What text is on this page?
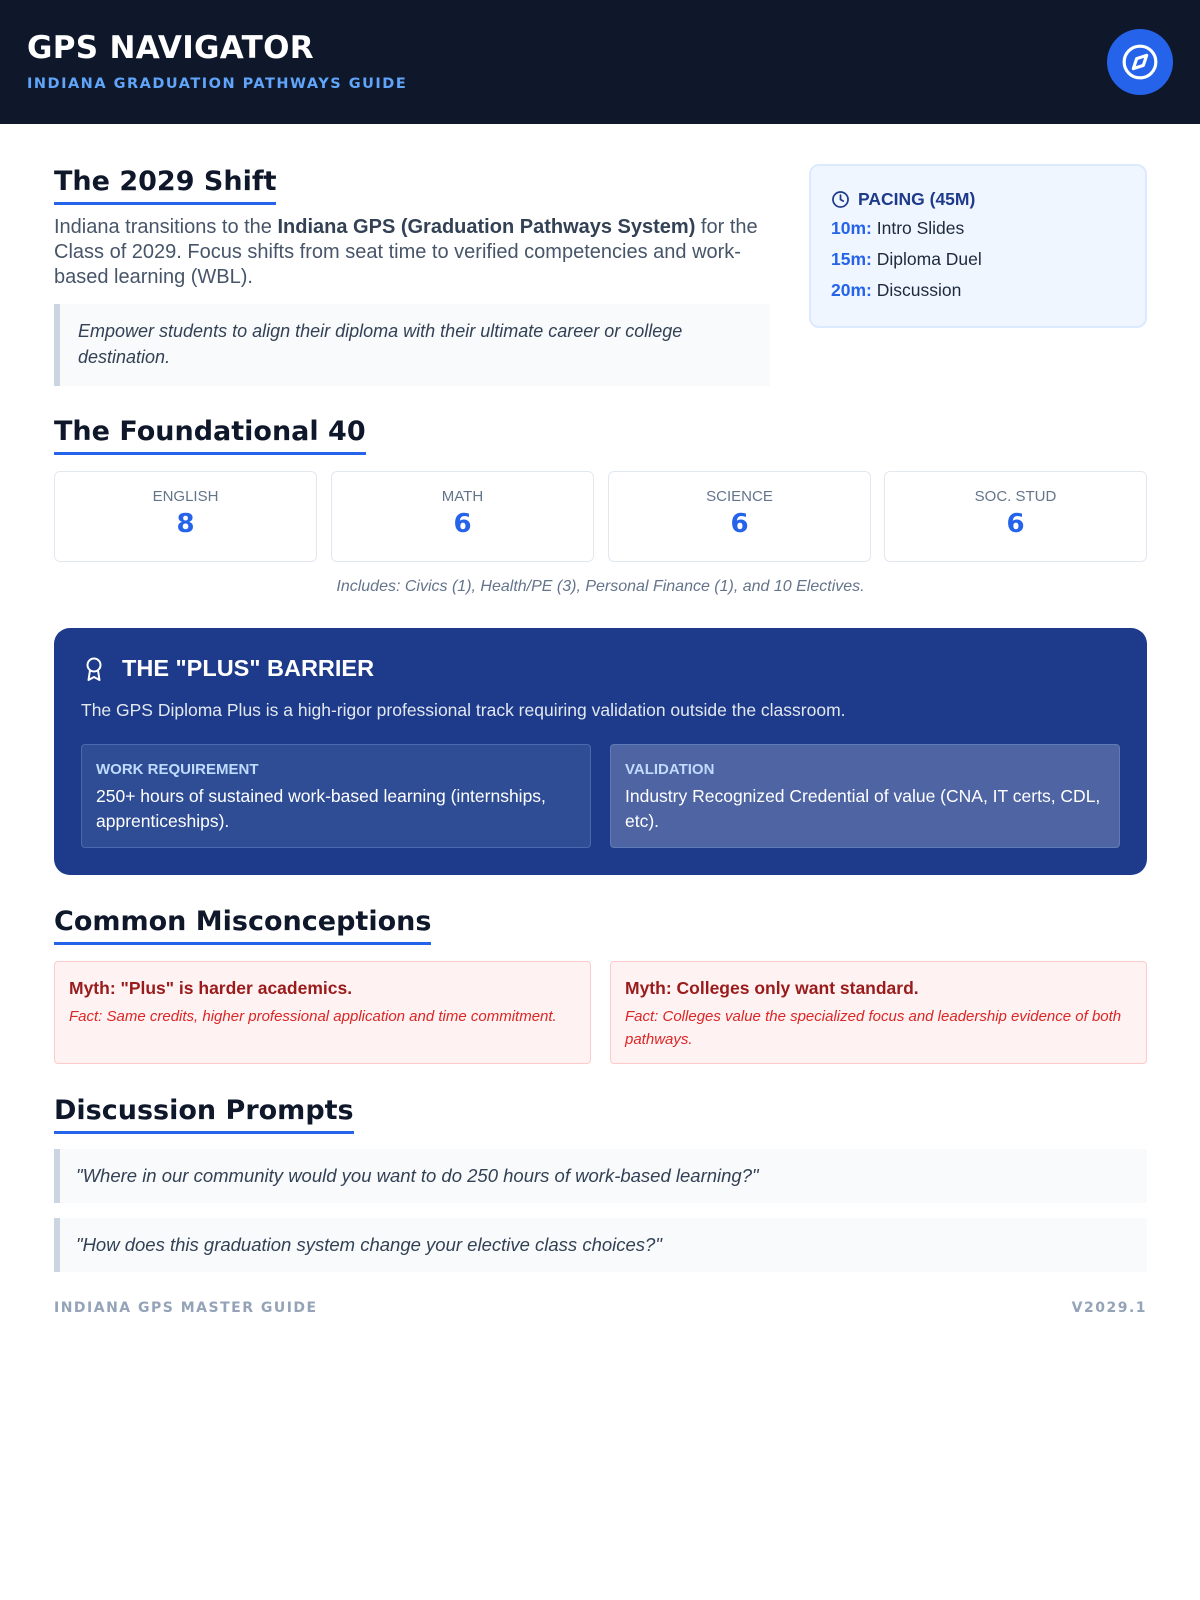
GPS NAVIGATOR
INDIANA GRADUATION PATHWAYS GUIDE
The 2029 Shift
Indiana transitions to the Indiana GPS (Graduation Pathways System) for the Class of 2029. Focus shifts from seat time to verified competencies and work-based learning (WBL).
Empower students to align their diploma with their ultimate career or college destination.
PACING (45M)
10m: Intro Slides
15m: Diploma Duel
20m: Discussion
The Foundational 40
ENGLISH
8
MATH
6
SCIENCE
6
SOC. STUD
6
Includes: Civics (1), Health/PE (3), Personal Finance (1), and 10 Electives.
THE "PLUS" BARRIER
The GPS Diploma Plus is a high-rigor professional track requiring validation outside the classroom.
WORK REQUIREMENT
250+ hours of sustained work-based learning (internships, apprenticeships).
VALIDATION
Industry Recognized Credential of value (CNA, IT certs, CDL, etc).
Common Misconceptions
Myth: "Plus" is harder academics.
Fact: Same credits, higher professional application and time commitment.
Myth: Colleges only want standard.
Fact: Colleges value the specialized focus and leadership evidence of both pathways.
Discussion Prompts
"Where in our community would you want to do 250 hours of work-based learning?"
"How does this graduation system change your elective class choices?"
INDIANA GPS MASTER GUIDE	V2029.1
